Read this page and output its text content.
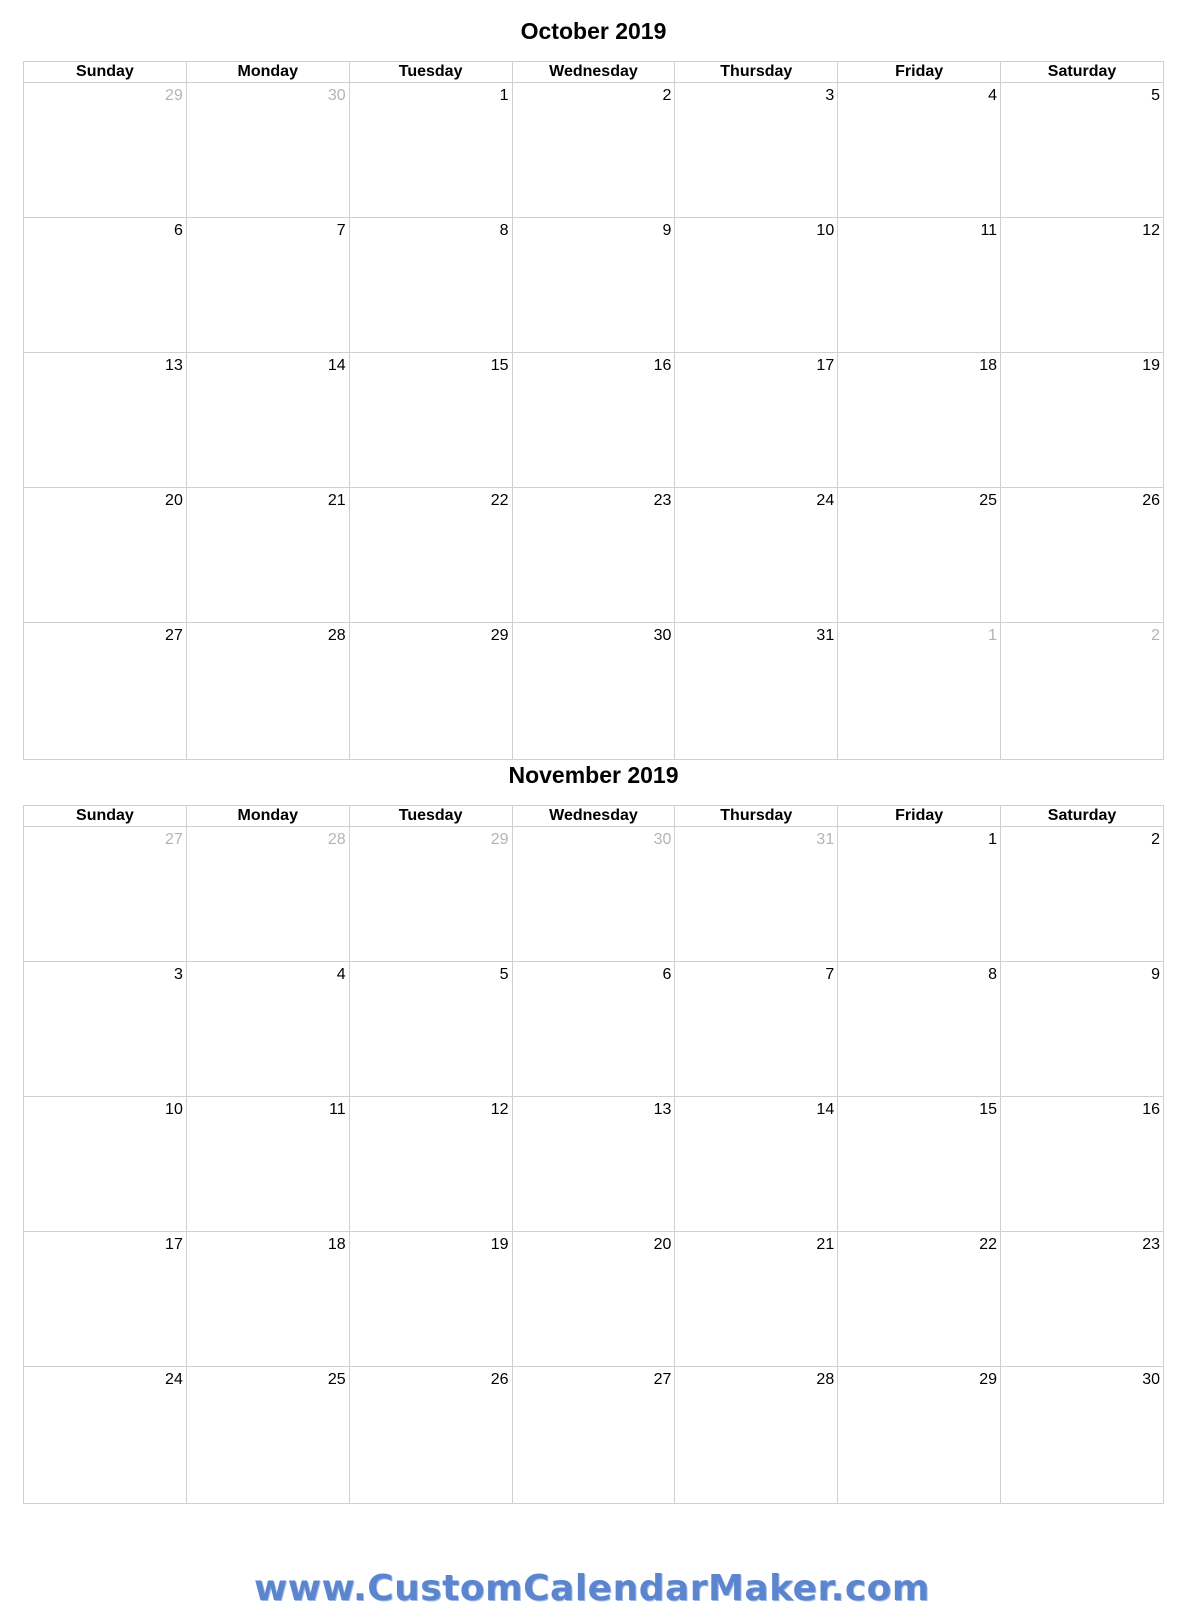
October 2019
Sunday	Monday	Tuesday	Wednesday	Thursday	Friday	Saturday

29	30	1	2	3	4	5

6	7	8	9	10	11	12

13	14	15	16	17	18	19

20	21	22	23	24	25	26

27	28	29	30	31	1	2
November 2019
Sunday	Monday	Tuesday	Wednesday	Thursday	Friday	Saturday

27	28	29	30	31	1	2

3	4	5	6	7	8	9

10	11	12	13	14	15	16

17	18	19	20	21	22	23

24	25	26	27	28	29	30
www.CustomCalendarMaker.com
